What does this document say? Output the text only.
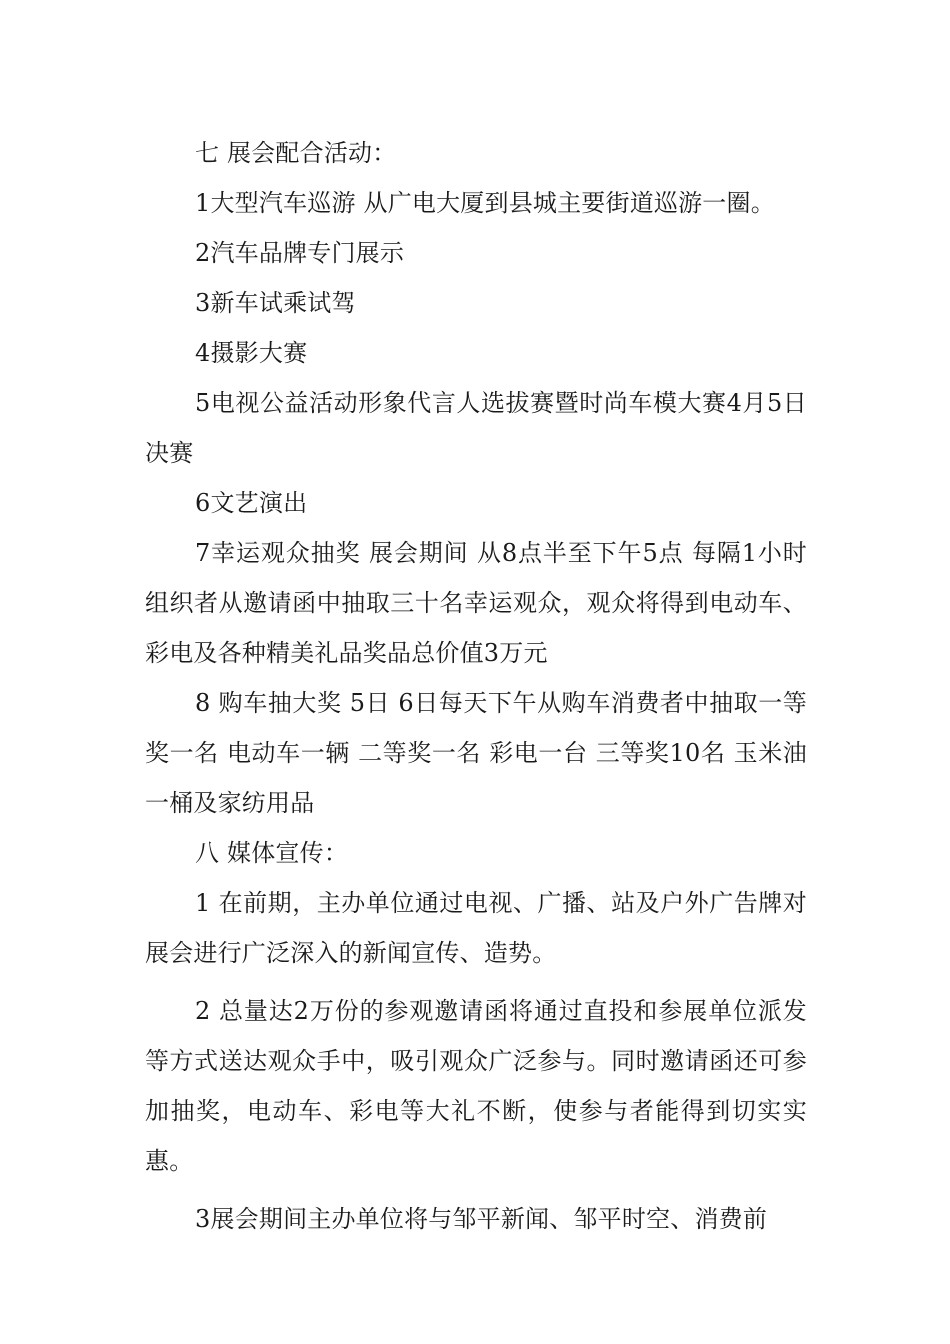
七 展会配合活动：

1大型汽车巡游 从广电大厦到县城主要街道巡游一圈。

2汽车品牌专门展示

3新车试乘试驾

4摄影大赛

5电视公益活动形象代言人选拔赛暨时尚车模大赛4月5日决赛

6文艺演出

7幸运观众抽奖 展会期间 从8点半至下午5点 每隔1小时组织者从邀请函中抽取三十名幸运观众，观众将得到电动车、彩电及各种精美礼品奖品总价值3万元

8 购车抽大奖 5日 6日每天下午从购车消费者中抽取一等奖一名 电动车一辆 二等奖一名 彩电一台 三等奖10名 玉米油一桶及家纺用品

八 媒体宣传：

1 在前期，主办单位通过电视、广播、站及户外广告牌对展会进行广泛深入的新闻宣传、造势。

2 总量达2万份的参观邀请函将通过直投和参展单位派发等方式送达观众手中，吸引观众广泛参与。同时邀请函还可参加抽奖，电动车、彩电等大礼不断，使参与者能得到切实实惠。

3展会期间主办单位将与邹平新闻、邹平时空、消费前
